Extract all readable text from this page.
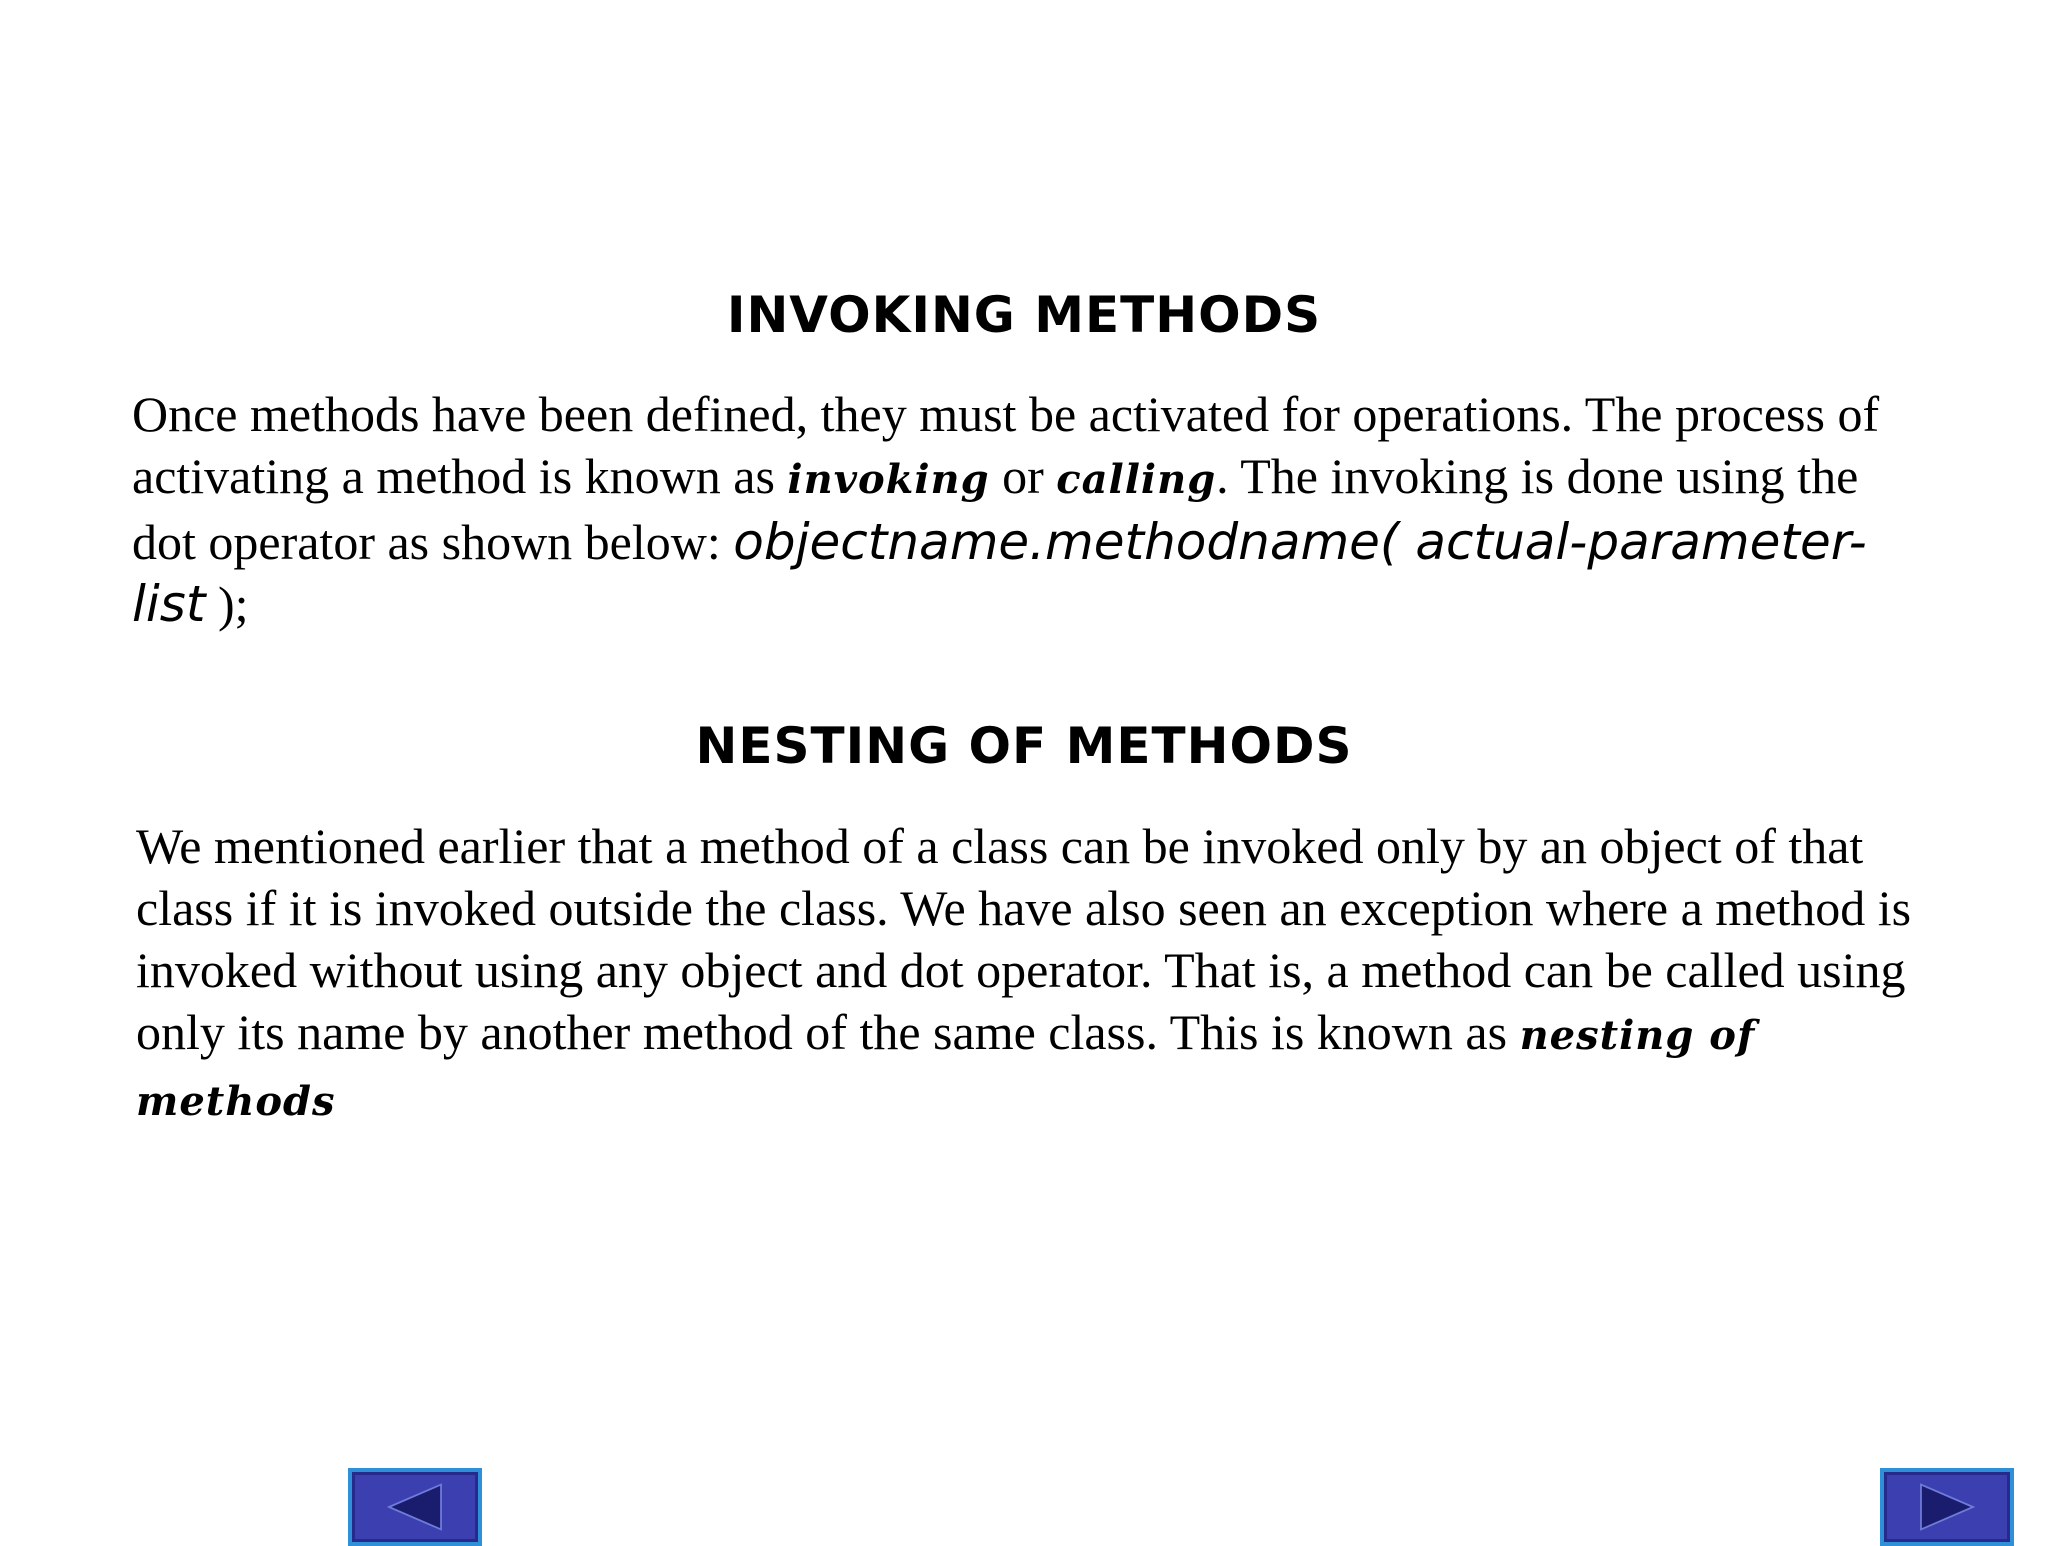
INVOKING METHODS

Once methods have been defined, they must be activated for operations. The process of activating a method is known as invoking or calling. The invoking is done using the dot operator as shown below: objectname.methodname( actual-parameter-list );

NESTING OF METHODS

We mentioned earlier that a method of a class can be invoked only by an object of that class if it is invoked outside the class. We have also seen an exception where a method is invoked without using any object and dot operator. That is, a method can be called using only its name by another method of the same class. This is known as nesting of methods
